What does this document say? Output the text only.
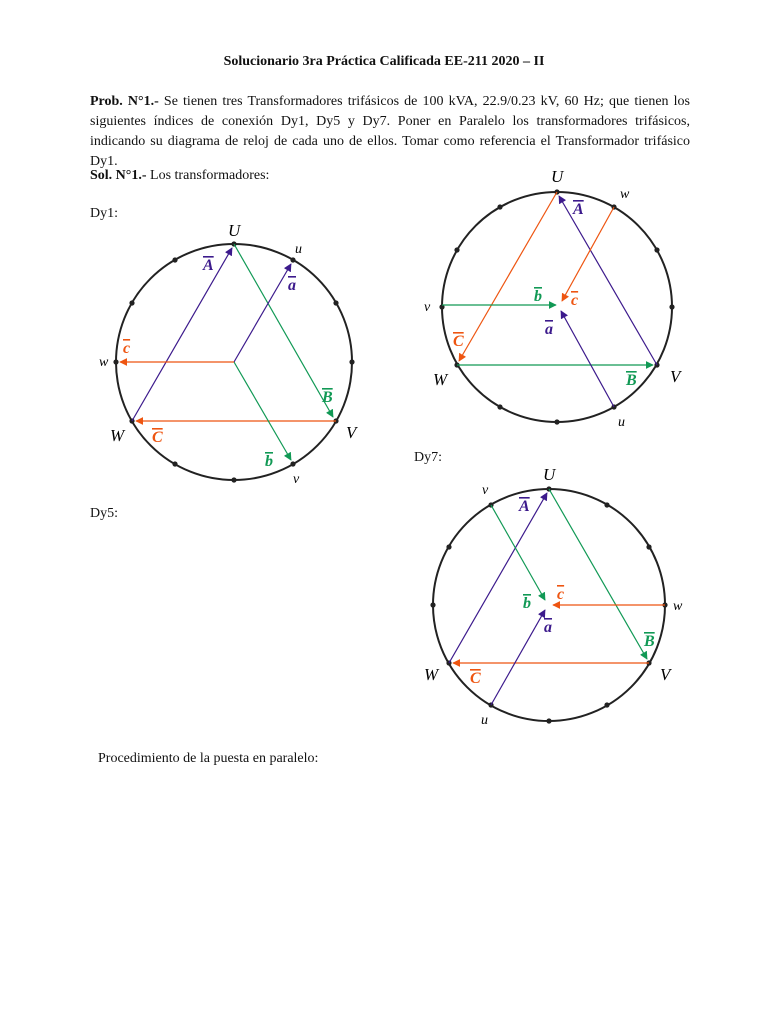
Solucionario 3ra Práctica Calificada EE-211 2020 – II
Prob. N°1.- Se tienen tres Transformadores trifásicos de 100 kVA, 22.9/0.23 kV, 60 Hz; que tienen los siguientes índices de conexión Dy1, Dy5 y Dy7. Poner en Paralelo los transformadores trifásicos, indicando su diagrama de reloj de cada uno de ellos. Tomar como referencia el Transformador trifásico Dy1.
Sol. N°1.- Los transformadores:
Dy1:
Dy5:
Dy7:
Procedimiento de la puesta en paralelo:
U
V
W
u
v
w
A
B
C
a
b
c
U
V
W
u
v
w
A
B
C
a
b c
U
V
W
u
v
w
A
B
C
a
b
c
